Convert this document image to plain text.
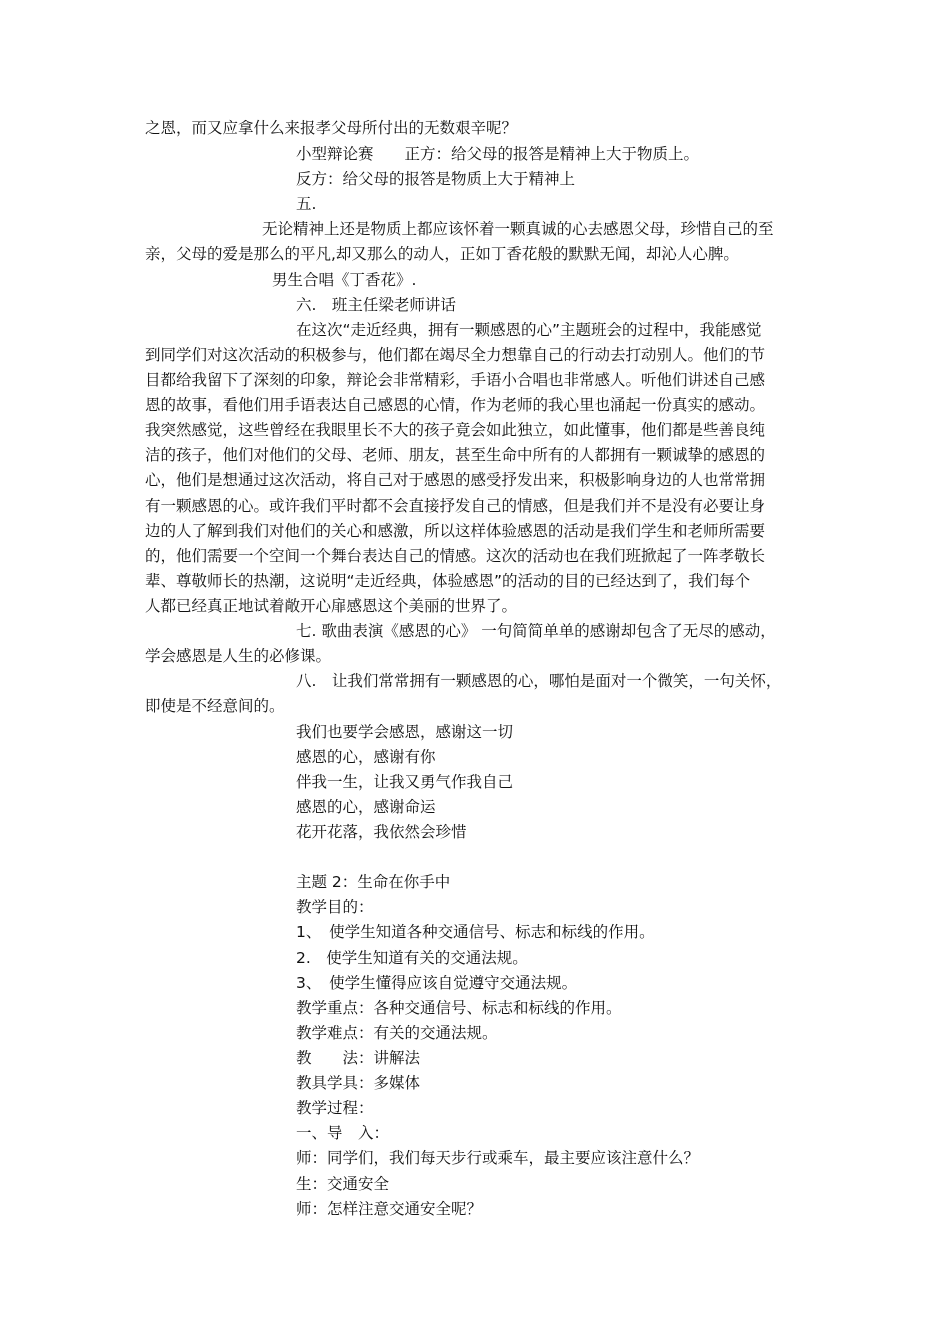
之恩，而又应拿什么来报孝父母所付出的无数艰辛呢？
小型辩论赛　　正方：给父母的报答是精神上大于物质上。
反方：给父母的报答是物质上大于精神上
五.
无论精神上还是物质上都应该怀着一颗真诚的心去感恩父母，珍惜自己的至
亲，父母的爱是那么的平凡,却又那么的动人，正如丁香花般的默默无闻，却沁人心脾。
男生合唱《丁香花》.
六.　班主任梁老师讲话
在这次“走近经典，拥有一颗感恩的心”主题班会的过程中，我能感觉
到同学们对这次活动的积极参与，他们都在竭尽全力想靠自己的行动去打动别人。他们的节
目都给我留下了深刻的印象，辩论会非常精彩，手语小合唱也非常感人。听他们讲述自己感
恩的故事，看他们用手语表达自己感恩的心情，作为老师的我心里也涌起一份真实的感动。
我突然感觉，这些曾经在我眼里长不大的孩子竟会如此独立，如此懂事，他们都是些善良纯
洁的孩子，他们对他们的父母、老师、朋友，甚至生命中所有的人都拥有一颗诚挚的感恩的
心，他们是想通过这次活动，将自己对于感恩的感受抒发出来，积极影响身边的人也常常拥
有一颗感恩的心。或许我们平时都不会直接抒发自己的情感，但是我们并不是没有必要让身
边的人了解到我们对他们的关心和感激，所以这样体验感恩的活动是我们学生和老师所需要
的，他们需要一个空间一个舞台表达自己的情感。这次的活动也在我们班掀起了一阵孝敬长
辈、尊敬师长的热潮，这说明“走近经典，体验感恩”的活动的目的已经达到了，我们每个
人都已经真正地试着敞开心扉感恩这个美丽的世界了。
七. 歌曲表演《感恩的心》 一句简简单单的感谢却包含了无尽的感动，
学会感恩是人生的必修课。
八.　让我们常常拥有一颗感恩的心，哪怕是面对一个微笑，一句关怀，
即使是不经意间的。
我们也要学会感恩，感谢这一切
感恩的心，感谢有你
伴我一生，让我又勇气作我自己
感恩的心，感谢命运
花开花落，我依然会珍惜
主题 2：生命在你手中
教学目的：
1、　使学生知道各种交通信号、标志和标线的作用。
2.　使学生知道有关的交通法规。
3、　使学生懂得应该自觉遵守交通法规。
教学重点：各种交通信号、标志和标线的作用。
教学难点：有关的交通法规。
教　　法：讲解法
教具学具：多媒体
教学过程：
一、导　入：
师：同学们，我们每天步行或乘车，最主要应该注意什么？
生：交通安全
师：怎样注意交通安全呢？
